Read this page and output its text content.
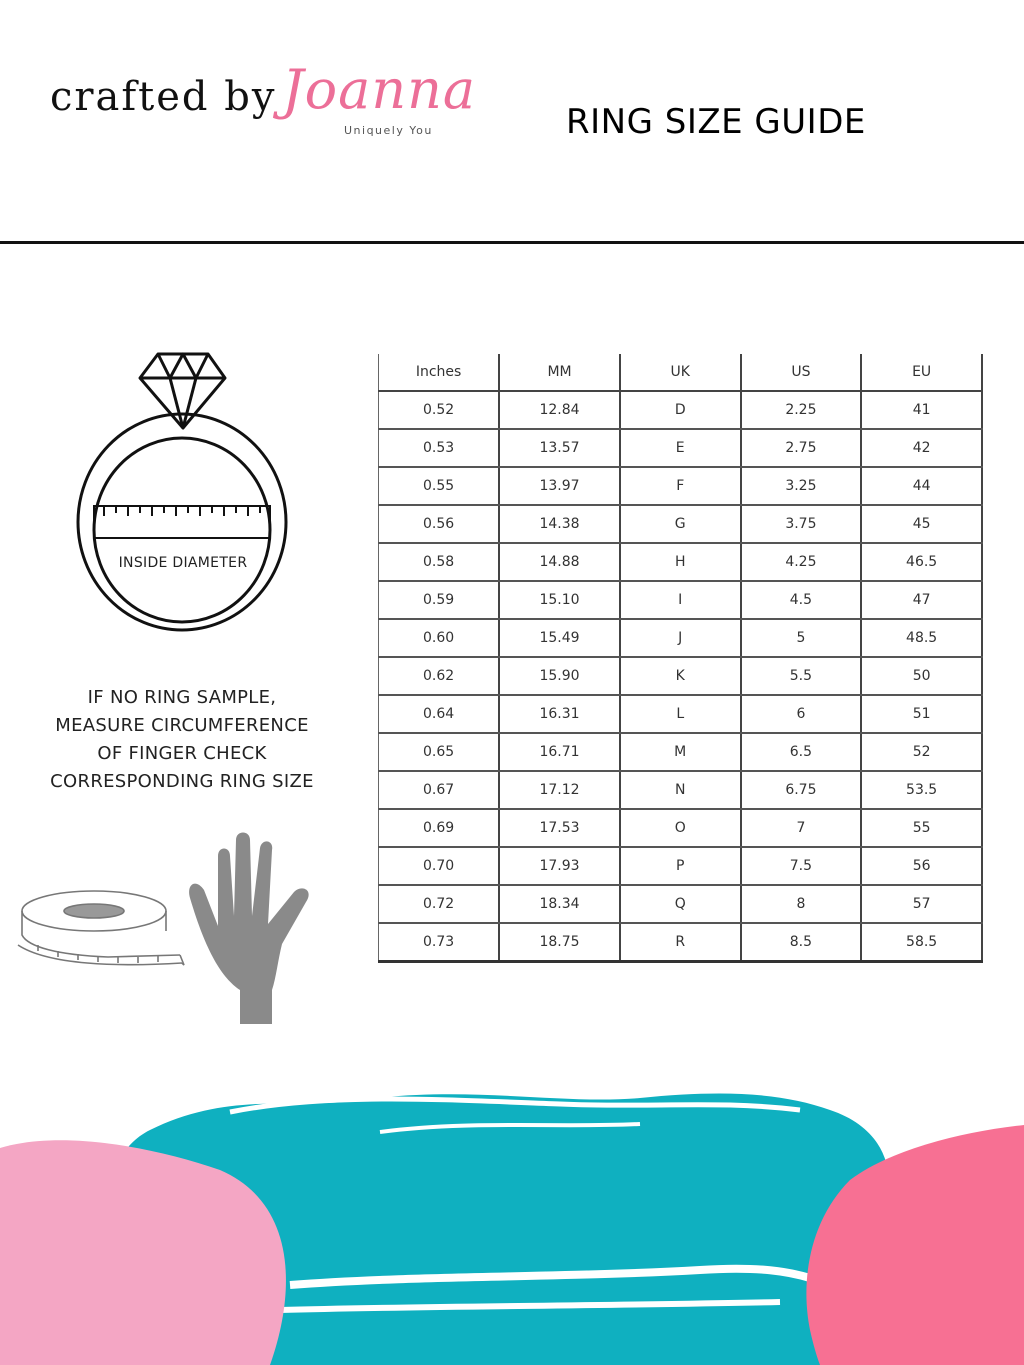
crafted by Joanna
Uniquely You	RING SIZE GUIDE
INSIDE DIAMETER
IF NO RING SAMPLE,
MEASURE CIRCUMFERENCE
OF FINGER CHECK
CORRESPONDING RING SIZE
Inches	MM	UK	US	EU
0.52	12.84	D	2.25	41
0.53	13.57	E	2.75	42
0.55	13.97	F	3.25	44
0.56	14.38	G	3.75	45
0.58	14.88	H	4.25	46.5
0.59	15.10	I	4.5	47
0.60	15.49	J	5	48.5
0.62	15.90	K	5.5	50
0.64	16.31	L	6	51
0.65	16.71	M	6.5	52
0.67	17.12	N	6.75	53.5
0.69	17.53	O	7	55
0.70	17.93	P	7.5	56
0.72	18.34	Q	8	57
0.73	18.75	R	8.5	58.5
